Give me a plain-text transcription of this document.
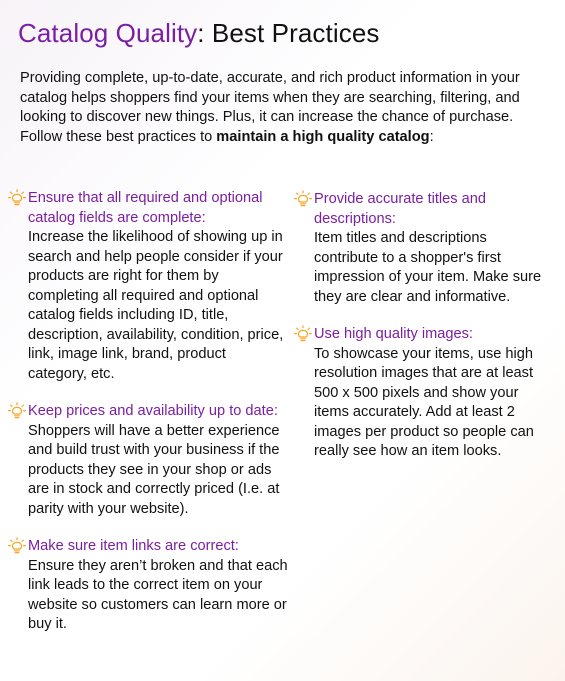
Catalog Quality: Best Practices

Providing complete, up-to-date, accurate, and rich product information in your catalog helps shoppers find your items when they are searching, filtering, and looking to discover new things. Plus, it can increase the chance of purchase. Follow these best practices to maintain a high quality catalog:

Ensure that all required and optional catalog fields are complete:

Increase the likelihood of showing up in search and help people consider if your products are right for them by completing all required and optional catalog fields including ID, title, description, availability, condition, price, link, image link, brand, product category, etc.

Keep prices and availability up to date:

Shoppers will have a better experience and build trust with your business if the products they see in your shop or ads are in stock and correctly priced (I.e. at parity with your website).

Make sure item links are correct:

Ensure they aren’t broken and that each link leads to the correct item on your website so customers can learn more or buy it.

Provide accurate titles and descriptions:

Item titles and descriptions contribute to a shopper's first impression of your item. Make sure they are clear and informative.

Use high quality images:

To showcase your items, use high resolution images that are at least 500 x 500 pixels and show your items accurately. Add at least 2 images per product so people can really see how an item looks.
